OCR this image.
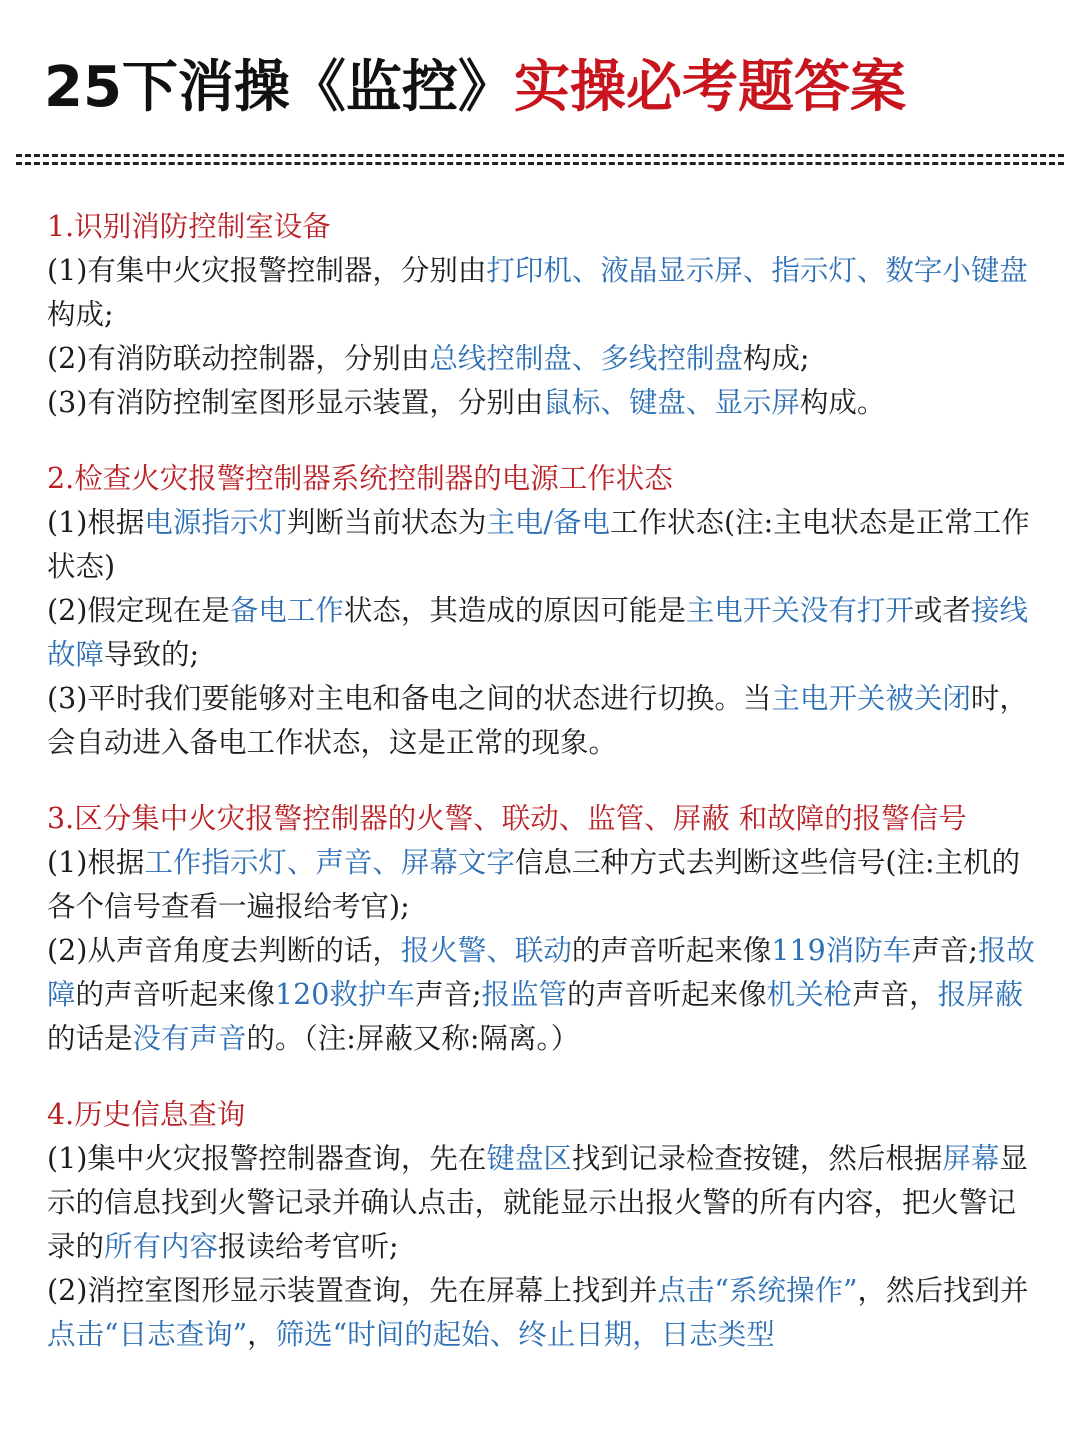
25下消操《监控》实操必考题答案
1.识别消防控制室设备
(1)有集中火灾报警控制器，分别由打印机、液晶显示屏、指示灯、数字小键盘构成;
(2)有消防联动控制器，分别由总线控制盘、多线控制盘构成;
(3)有消防控制室图形显示装置，分别由鼠标、键盘、显示屏构成。
2.检查火灾报警控制器系统控制器的电源工作状态
(1)根据电源指示灯判断当前状态为主电/备电工作状态(注:主电状态是正常工作状态)
(2)假定现在是备电工作状态，其造成的原因可能是主电开关没有打开或者接线故障导致的;
(3)平时我们要能够对主电和备电之间的状态进行切换。当主电开关被关闭时，会自动进入备电工作状态，这是正常的现象。
3.区分集中火灾报警控制器的火警、联动、监管、屏蔽 和故障的报警信号
(1)根据工作指示灯、声音、屏幕文字信息三种方式去判断这些信号(注:主机的各个信号查看一遍报给考官);
(2)从声音角度去判断的话，报火警、联动的声音听起来像119消防车声音;报故障的声音听起来像120救护车声音;报监管的声音听起来像机关枪声音，报屏蔽的话是没有声音的。（注:屏蔽又称:隔离。）
4.历史信息查询
(1)集中火灾报警控制器查询，先在键盘区找到记录检查按键，然后根据屏幕显示的信息找到火警记录并确认点击，就能显示出报火警的所有内容，把火警记录的所有内容报读给考官听;
(2)消控室图形显示装置查询，先在屏幕上找到并点击“系统操作”，然后找到并点击“日志查询”，筛选“时间的起始、终止日期，日志类型
